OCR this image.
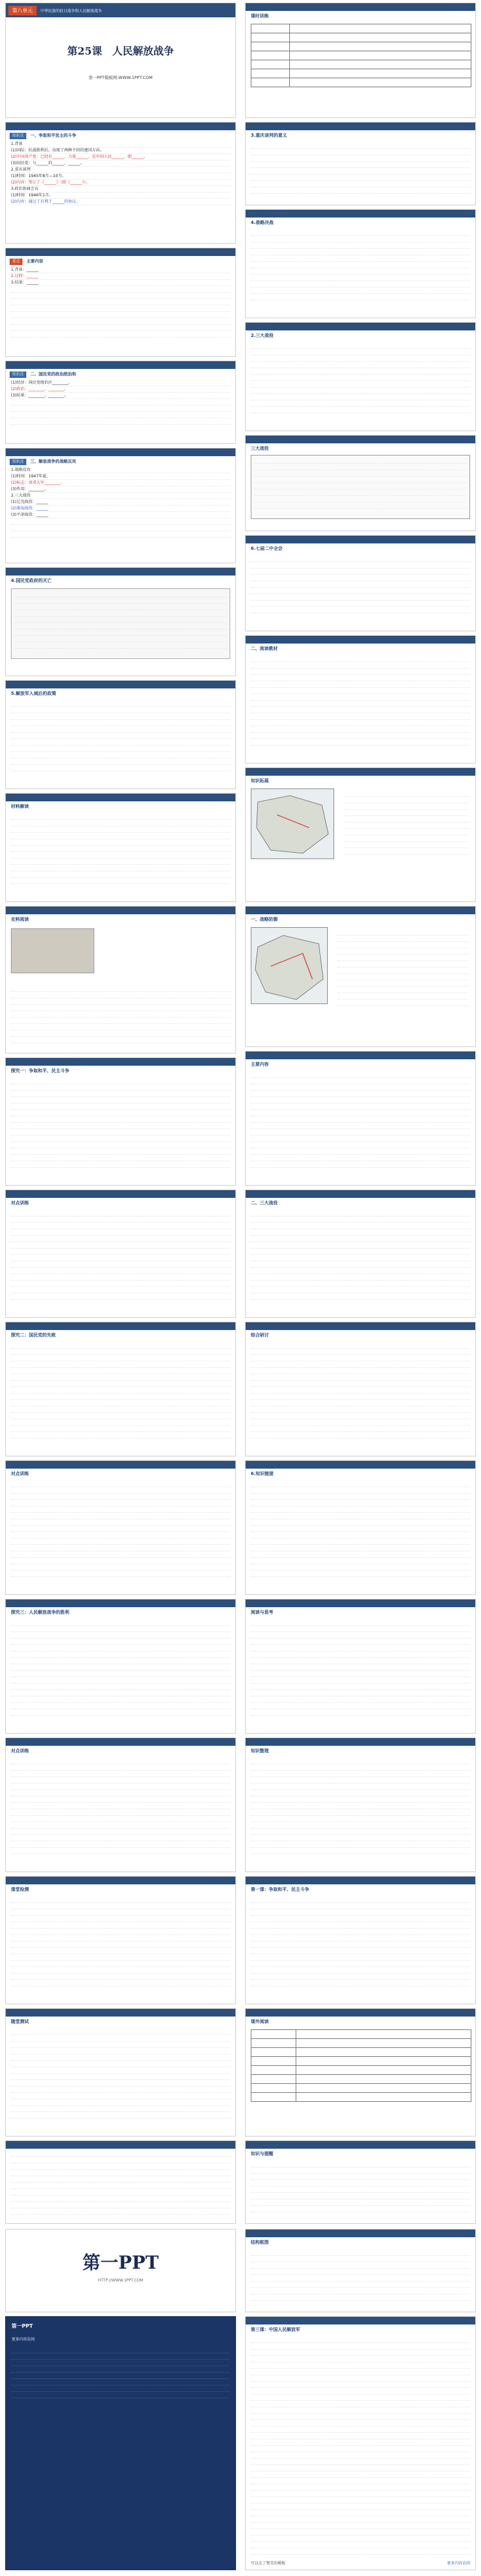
第八单元	中华民族的抗日战争和人民解放战争
第25课　人民解放战争
第一PPT模板网-WWW.1PPT.COM
知识点 一、争取和平民主的斗争
1.背景
(1)国际：抗战胜利后，出现了两种不同的建国方向。
(2)中国共产党：已经有______，力量______，是中国人民______，即______。
(3)国民党：与______的______，______。
2.重庆谈判
(1)时间：1945年8月—10月。
(2)内容：签订了《______》（即《______》）。
3.政治协商会议
(1)时间：1946年1月。
(2)内容：通过了有利于______的协议。
重点 主要内容
1.背景：______
2.过程：______
3.结果：______
知识点 二、国民党的政治统治和
(1)经济：国民党统治区________。
(2)政治：________，________。
(3)结果：________，________。
知识点 三、解放战争的战略反攻
1.战略反攻
(1)时间：1947年夏。
(2)标志：刘邓大军________。
(3)作用：________。
2.三大战役
(1)辽沈战役：______
(2)淮海战役：______
(3)平津战役：______
4.国民党政府的灭亡
5.解放军入城后的政策
材料解读
史料阅读
探究一：争取和平、民主斗争
对点训练
探究二：国民党的失败
对点训练
探究三：人民解放战争的胜利
对点训练
课堂检测
随堂测试
第一PPT
HTTP://WWW.1PPT.COM
第一PPT
更多内容访问
课时训练

3.重庆谈判的意义
4.战略决战
2.三大战役
三大战役
6.七届二中全会
二、阅读教材
知识拓展
一、战略防御
主要内容
二、三大战役
综合研讨
6.知识链接
阅读与思考
知识整理
第一课：争取和平、民主斗争
课外阅读

知识与提醒
结构框图
第三课：中国人民解放军
可以友了赞美的模板	更多内容访问
